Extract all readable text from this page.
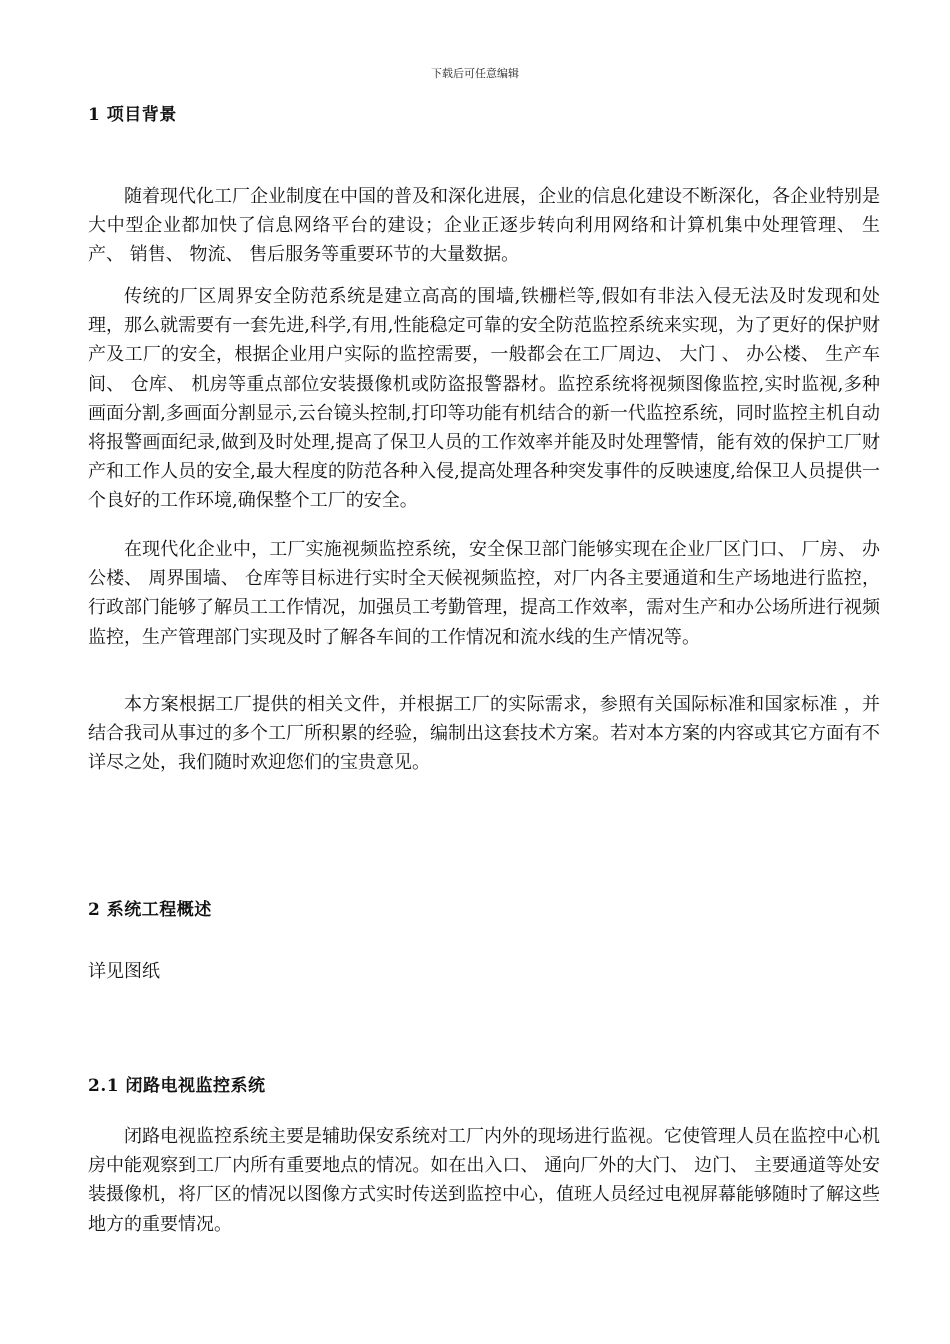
下载后可任意编辑
1 项目背景

随着现代化工厂企业制度在中国的普及和深化进展，企业的信息化建设不断深化，各企业特别是大中型企业都加快了信息网络平台的建设；企业正逐步转向利用网络和计算机集中处理管理、 生产、 销售、 物流、 售后服务等重要环节的大量数据。

传统的厂区周界安全防范系统是建立高高的围墙,铁栅栏等,假如有非法入侵无法及时发现和处理，那么就需要有一套先进,科学,有用,性能稳定可靠的安全防范监控系统来实现，为了更好的保护财产及工厂的安全，根据企业用户实际的监控需要，一般都会在工厂周边、 大门 、 办公楼、 生产车间、 仓库、 机房等重点部位安装摄像机或防盗报警器材。监控系统将视频图像监控,实时监视,多种画面分割,多画面分割显示,云台镜头控制,打印等功能有机结合的新一代监控系统，同时监控主机自动将报警画面纪录,做到及时处理,提高了保卫人员的工作效率并能及时处理警情，能有效的保护工厂财产和工作人员的安全,最大程度的防范各种入侵,提高处理各种突发事件的反映速度,给保卫人员提供一个良好的工作环境,确保整个工厂的安全。

在现代化企业中，工厂实施视频监控系统，安全保卫部门能够实现在企业厂区门口、 厂房、 办公楼、 周界围墙、 仓库等目标进行实时全天候视频监控，对厂内各主要通道和生产场地进行监控，行政部门能够了解员工工作情况，加强员工考勤管理，提高工作效率，需对生产和办公场所进行视频监控，生产管理部门实现及时了解各车间的工作情况和流水线的生产情况等。

本方案根据工厂提供的相关文件，并根据工厂的实际需求，参照有关国际标准和国家标准 ，并结合我司从事过的多个工厂所积累的经验，编制出这套技术方案。若对本方案的内容或其它方面有不详尽之处，我们随时欢迎您们的宝贵意见。

2 系统工程概述
详见图纸
2.1 闭路电视监控系统

闭路电视监控系统主要是辅助保安系统对工厂内外的现场进行监视。它使管理人员在监控中心机房中能观察到工厂内所有重要地点的情况。如在出入口、 通向厂外的大门、 边门、 主要通道等处安装摄像机，将厂区的情况以图像方式实时传送到监控中心，值班人员经过电视屏幕能够随时了解这些地方的重要情况。
